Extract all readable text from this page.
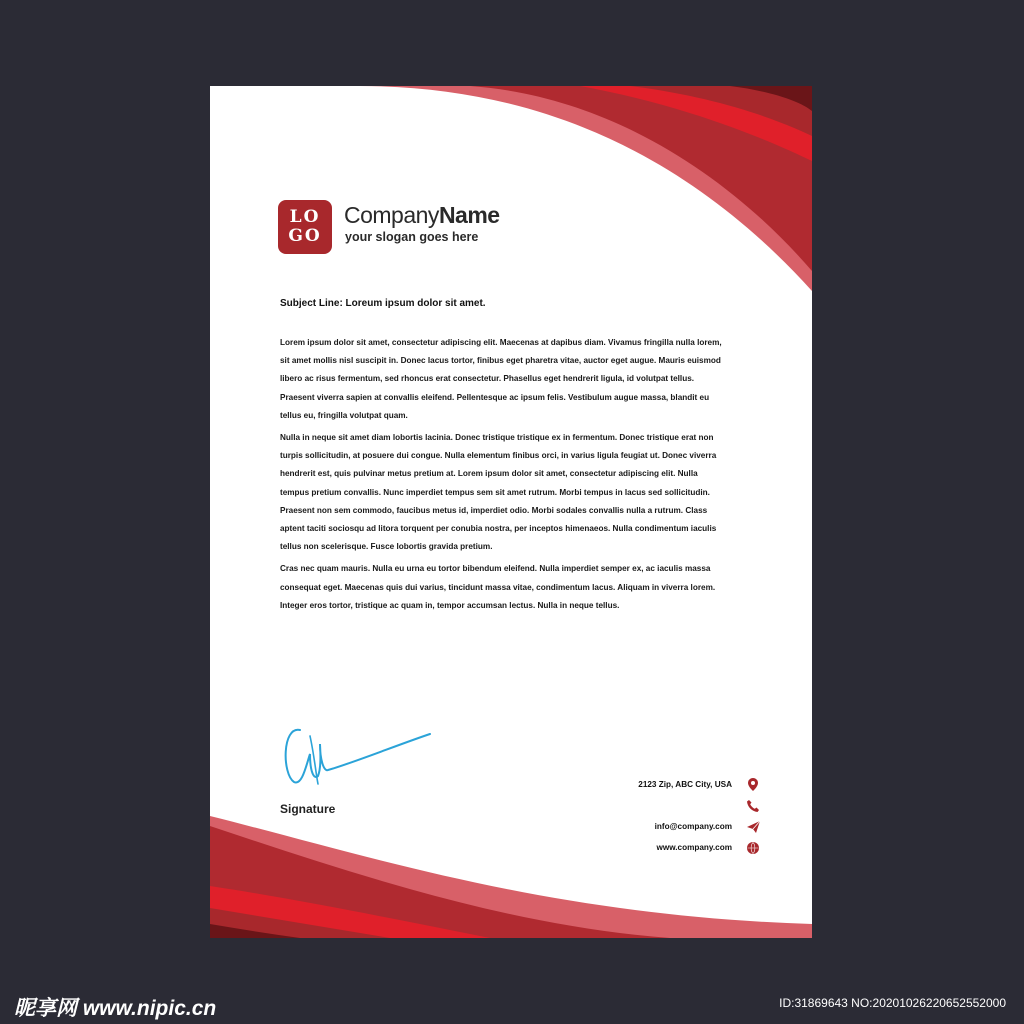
LO
GO
CompanyName
your slogan goes here
Subject Line: Loreum ipsum dolor sit amet.

Lorem ipsum dolor sit amet, consectetur adipiscing elit. Maecenas at dapibus diam. Vivamus fringilla nulla lorem, sit amet mollis nisl suscipit in. Donec lacus tortor, finibus eget pharetra vitae, auctor eget augue. Mauris euismod libero ac risus fermentum, sed rhoncus erat consectetur. Phasellus eget hendrerit ligula, id volutpat tellus. Praesent viverra sapien at convallis eleifend. Pellentesque ac ipsum felis. Vestibulum augue massa, blandit eu tellus eu, fringilla volutpat quam.

Nulla in neque sit amet diam lobortis lacinia. Donec tristique tristique ex in fermentum. Donec tristique erat non turpis sollicitudin, at posuere dui congue. Nulla elementum finibus orci, in varius ligula feugiat ut. Donec viverra hendrerit est, quis pulvinar metus pretium at. Lorem ipsum dolor sit amet, consectetur adipiscing elit. Nulla tempus pretium convallis. Nunc imperdiet tempus sem sit amet rutrum. Morbi tempus in lacus sed sollicitudin. Praesent non sem commodo, faucibus metus id, imperdiet odio. Morbi sodales convallis nulla a rutrum. Class aptent taciti sociosqu ad litora torquent per conubia nostra, per inceptos himenaeos. Nulla condimentum iaculis tellus non scelerisque. Fusce lobortis gravida pretium.

Cras nec quam mauris. Nulla eu urna eu tortor bibendum eleifend. Nulla imperdiet semper ex, ac iaculis massa consequat eget. Maecenas quis dui varius, tincidunt massa vitae, condimentum lacus. Aliquam in viverra lorem. Integer eros tortor, tristique ac quam in, tempor accumsan lectus. Nulla in neque tellus.

Signature
2123 Zip, ABC City, USA
info@company.com
www.company.com
昵享网 www.nipic.cn	ID:31869643 NO:20201026220652552000
